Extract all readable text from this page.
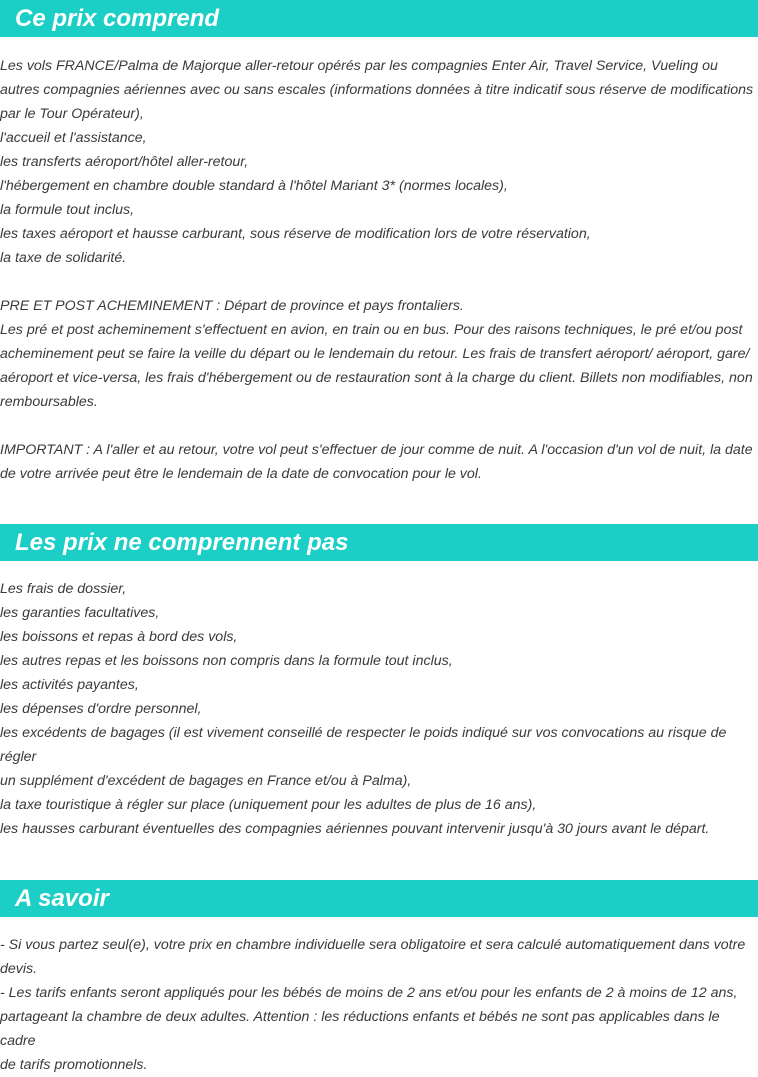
Ce prix comprend

Les vols FRANCE/Palma de Majorque aller-retour opérés par les compagnies Enter Air, Travel Service, Vueling ou

autres compagnies aériennes avec ou sans escales (informations données à titre indicatif sous réserve de modifications

par le Tour Opérateur),

l'accueil et l'assistance,

les transferts aéroport/hôtel aller-retour,

l'hébergement en chambre double standard à l'hôtel Mariant 3* (normes locales),

la formule tout inclus,

les taxes aéroport et hausse carburant, sous réserve de modification lors de votre réservation,

la taxe de solidarité.

PRE ET POST ACHEMINEMENT : Départ de province et pays frontaliers.

Les pré et post acheminement s'effectuent en avion, en train ou en bus. Pour des raisons techniques, le pré et/ou post

acheminement peut se faire la veille du départ ou le lendemain du retour. Les frais de transfert aéroport/ aéroport, gare/

aéroport et vice-versa, les frais d'hébergement ou de restauration sont à la charge du client. Billets non modifiables, non

remboursables.

IMPORTANT : A l'aller et au retour, votre vol peut s'effectuer de jour comme de nuit. A l'occasion d'un vol de nuit, la date

de votre arrivée peut être le lendemain de la date de convocation pour le vol.

Les prix ne comprennent pas

Les frais de dossier,

les garanties facultatives,

les boissons et repas à bord des vols,

les autres repas et les boissons non compris dans la formule tout inclus,

les activités payantes,

les dépenses d'ordre personnel,

les excédents de bagages (il est vivement conseillé de respecter le poids indiqué sur vos convocations au risque de régler

un supplément d'excédent de bagages en France et/ou à Palma),

la taxe touristique à régler sur place (uniquement pour les adultes de plus de 16 ans),

les hausses carburant éventuelles des compagnies aériennes pouvant intervenir jusqu'à 30 jours avant le départ.

A savoir

- Si vous partez seul(e), votre prix en chambre individuelle sera obligatoire et sera calculé automatiquement dans votre

devis.

- Les tarifs enfants seront appliqués pour les bébés de moins de 2 ans et/ou pour les enfants de 2 à moins de 12 ans,

partageant la chambre de deux adultes. Attention : les réductions enfants et bébés ne sont pas applicables dans le cadre

de tarifs promotionnels.
